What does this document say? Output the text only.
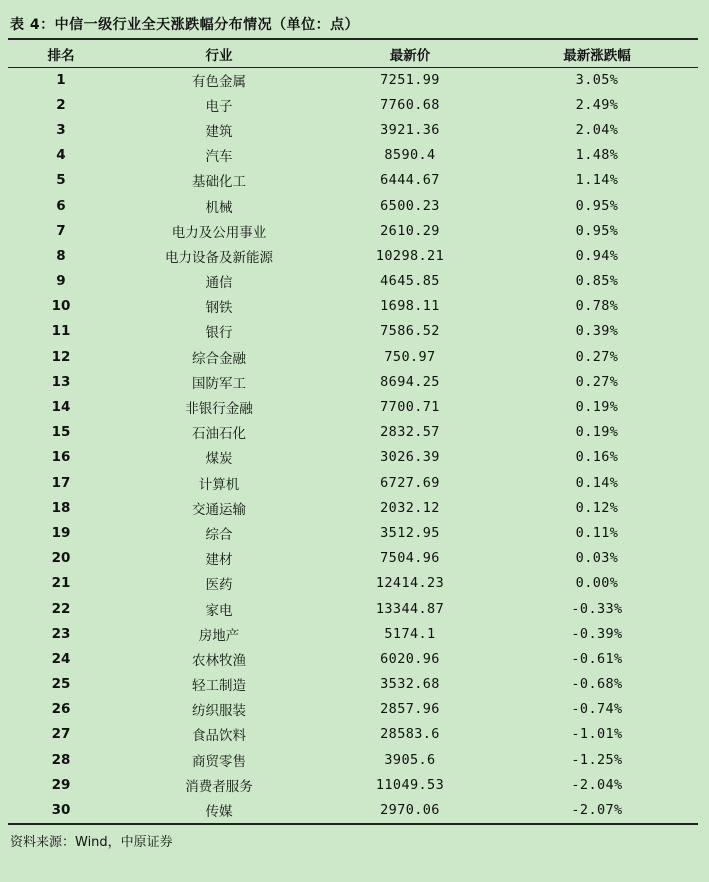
表 4：中信一级行业全天涨跌幅分布情况（单位：点）
排名	行业	最新价	最新涨跌幅
1	有色金属	7251.99	3.05%
2	电子	7760.68	2.49%
3	建筑	3921.36	2.04%
4	汽车	8590.4	1.48%
5	基础化工	6444.67	1.14%
6	机械	6500.23	0.95%
7	电力及公用事业	2610.29	0.95%
8	电力设备及新能源	10298.21	0.94%
9	通信	4645.85	0.85%
10	钢铁	1698.11	0.78%
11	银行	7586.52	0.39%
12	综合金融	750.97	0.27%
13	国防军工	8694.25	0.27%
14	非银行金融	7700.71	0.19%
15	石油石化	2832.57	0.19%
16	煤炭	3026.39	0.16%
17	计算机	6727.69	0.14%
18	交通运输	2032.12	0.12%
19	综合	3512.95	0.11%
20	建材	7504.96	0.03%
21	医药	12414.23	0.00%
22	家电	13344.87	-0.33%
23	房地产	5174.1	-0.39%
24	农林牧渔	6020.96	-0.61%
25	轻工制造	3532.68	-0.68%
26	纺织服装	2857.96	-0.74%
27	食品饮料	28583.6	-1.01%
28	商贸零售	3905.6	-1.25%
29	消费者服务	11049.53	-2.04%
30	传媒	2970.06	-2.07%
资料来源：Wind，中原证券
